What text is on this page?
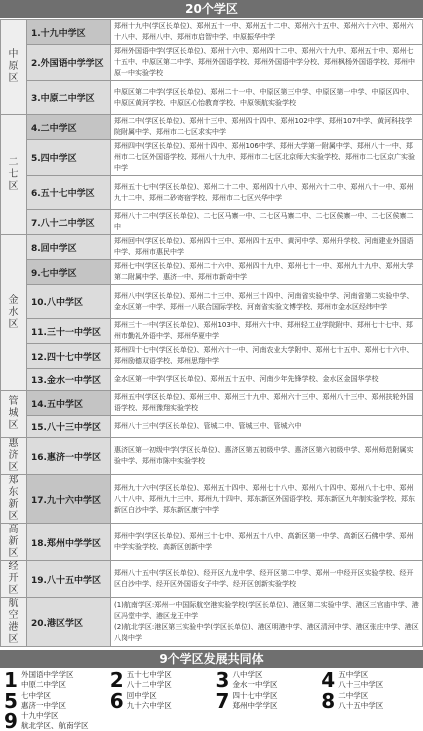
20个学区
中原区	1.十九中学区	郑州十九中(学区长单位)、郑州五十一中、郑州五十二中、郑州六十五中、郑州六十六中、郑州六十八中、郑州八中、郑州市启智中学、中原振华中学
	2.外国语中学学区	郑州外国语中学(学区长单位)、郑州十六中、郑州四十二中、郑州六十九中、郑州五十中、郑州七十五中、中原区第二中学、郑州外国语学校、郑州外国语中学分校、郑州枫杨外国语学校、郑州中原一中实验学校
	3.中原二中学区	中原区第二中学(学区长单位)、郑州二十一中、中原区第三中学、中原区第一中学、中原区四中、中原区黄河学校、中原区心怡教育学校、中原领航实验学校
二七区	4.二中学区	郑州二中(学区长单位)、郑州十三中、郑州四十四中、郑州102中学、郑州107中学、黄河科技学院附属中学、郑州市二七区求实中学
	5.四中学区	郑州四中(学区长单位)、郑州十四中、郑州106中学、郑州大学第一附属中学、郑州八十一中、郑州市二七区外国语学校、郑州八十九中、郑州市二七区北京师大实验学校、郑州市二七区京广实验中学
	6.五十七中学区	郑州五十七中(学区长单位)、郑州二十二中、郑州四十八中、郑州六十二中、郑州八十一中、郑州九十二中、郑州二砂寄宿学校、郑州市二七区兴华中学
	7.八十二中学区	郑州八十二中(学区长单位)、二七区马寨一中、二七区马寨二中、二七区侯寨一中、二七区侯寨二中
金水区	8.回中学区	郑州回中(学区长单位)、郑州四十三中、郑州四十五中、黄河中学、郑州升学校、河南建业外国语中学、郑州市惠民中学
	9.七中学区	郑州七中(学区长单位)、郑州二十六中、郑州四十九中、郑州七十一中、郑州九十九中、郑州大学第二附属中学、惠济一中、郑州市新奇中学
	10.八中学区	郑州八中(学区长单位)、郑州二十三中、郑州三十四中、河南省实验中学、河南省第二实验中学、金水区第一中学、郑州一八联合国际学校、河南省实验文博学校、郑州市金水区经纬中学
	11.三十一中学区	郑州三十一中(学区长单位)、郑州103中、郑州六十中、郑州轻工业学院附中、郑州七十七中、郑州市勤礼外语中学、郑州华夏中学
	12.四十七中学区	郑州四十七中(学区长单位)、郑州六十一中、河南农业大学附中、郑州七十五中、郑州七十六中、郑州励德双语学校、郑州思翔中学
	13.金水一中学区	金水区第一中学(学区长单位)、郑州五十五中、河南少年先锋学校、金水区金国华学校
管城区	14.五中学区	郑州五中(学区长单位)、郑州三中、郑州三十九中、郑州六十三中、郑州八十三中、郑州扶轮外国语学校、郑州豫翔实验学校
	15.八十三中学区	郑州八十三中(学区长单位)、管城二中、管城三中、管城六中
惠济区	16.惠济一中学区	惠济区第一初级中学(学区长单位)、惠济区第五初级中学、惠济区第六初级中学、郑州师范附属实验中学、郑州市陈中实验学校
郑东新区	17.九十六中学区	郑州九十六中(学区长单位)、郑州五十四中、郑州七十八中、郑州八十四中、郑州八十七中、郑州八十八中、郑州九十三中、郑州九十四中、郑东新区外国语学校、郑东新区九年制实验学校、郑东新区白沙中学、郑东新区康宁中学
高新区	18.郑州中学学区	郑州中学(学区长单位)、郑州三十七中、郑州五十八中、高新区第一中学、高新区石佛中学、郑州中学实验学校、高新区创新中学
经开区	19.八十五中学区	郑州八十五中(学区长单位)、经开区九龙中学、经开区第二中学、郑州一中经开区实验学校、经开区白沙中学、经开区外国语女子中学、经开区创新实验学校
航空港区	20.港区学区	(1)航南学区:郑州一中国际航空港实验学校(学区长单位)、港区第二实验中学、港区三官庙中学、港区冯堂中学、港区龙王中学
(2)航北学区:港区第三实验中学(学区长单位)、港区明港中学、港区清河中学、港区张庄中学、港区八岗中学
9个学区发展共同体
1 外国语中学学区
中原二中学区	2 五十七中学区
八十二中学区 3 八中学区
金水一中学区 4 五中学区
八十三中学区
5 七中学区
惠济一中学区 6 回中学区
九十六中学区 7 四十七中学区
郑州中学学区 8 二中学区
八十五中学区
9 十九中学区
航北学区、航南学区
